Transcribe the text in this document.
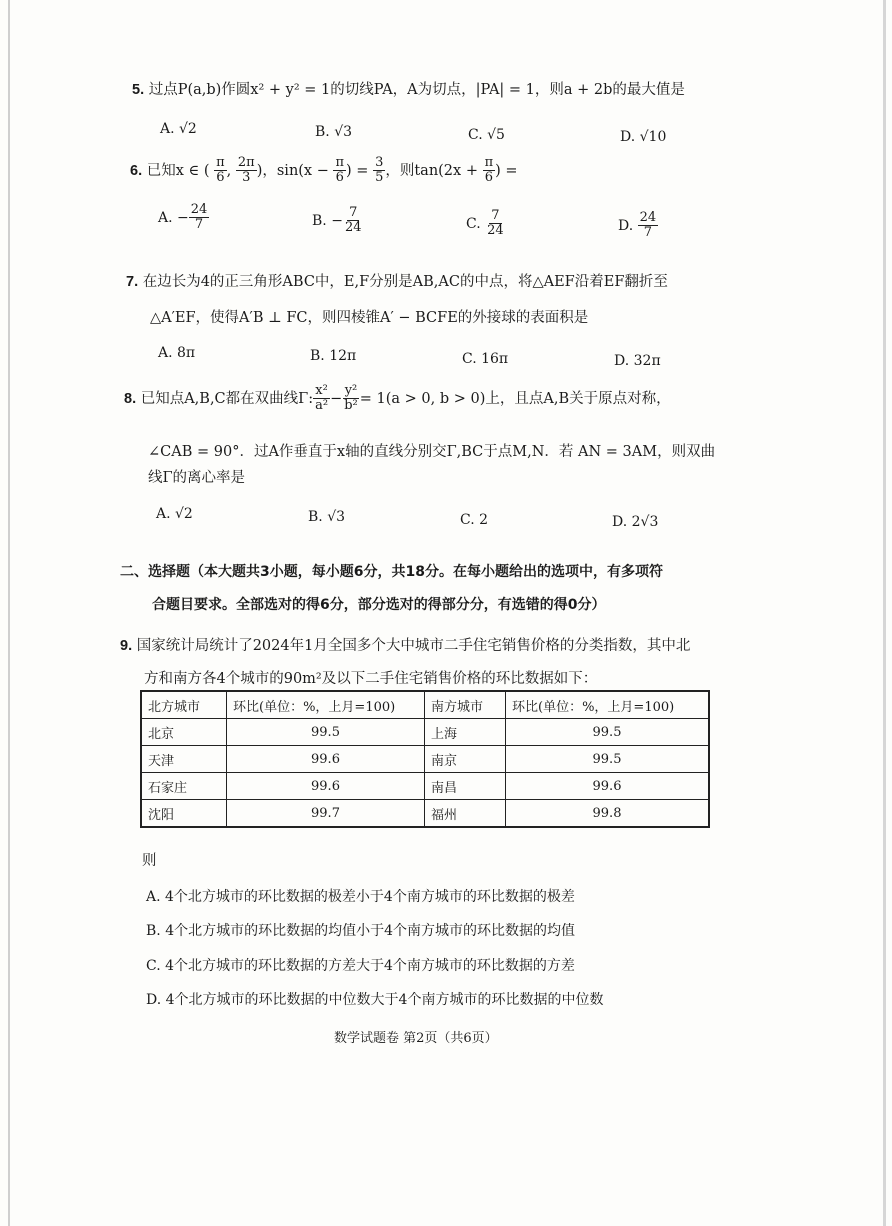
5. 过点P(a,b)作圆x² + y² = 1的切线PA，A为切点，|PA| = 1，则a + 2b的最大值是
A. √2	B. √3	C. √5	D. √10
6. 已知x ∈ ( $\frac{\pi}{6}$ , $\frac{2\pi}{3}$ )，$\sin(x - \frac{\pi}{6}$ ) = $\frac{3}{5}$ ，则$\tan(2x + \frac{\pi}{6}$ ) =
A. − $\frac{24}{7}$	B. − $\frac{7}{24}$	C. $\frac{7}{24}$	D. $\frac{24}{7}$
7. 在边长为4的正三角形ABC中，E,F分别是AB,AC的中点，将△AEF沿着EF翻折至
△A′EF，使得A′B ⊥ FC，则四棱锥A′ − BCFE的外接球的表面积是
A. 8π	B. 12π	C. 16π	D. 32π
8. 已知点A,B,C都在双曲线Γ: $\frac{\text{x²}}{\text{a²}} - \frac{\text{y²}}{\text{b²}} = 1(a > 0$, b > 0)上，且点A,B关于原点对称，
∠CAB = 90°．过A作垂直于x轴的直线分别交Γ,BC于点M,N．若 AN = 3AM，则双曲
线Γ的离心率是
A. √2	B. √3	C. 2	D. 2√3
二、选择题（本大题共3小题，每小题6分，共18分。在每小题给出的选项中，有多项符
合题目要求。全部选对的得6分，部分选对的得部分分，有选错的得0分）
9. 国家统计局统计了2024年1月全国多个大中城市二手住宅销售价格的分类指数，其中北
方和南方各4个城市的90m²及以下二手住宅销售价格的环比数据如下：
北方城市	环比(单位：%，上月=100)	南方城市	环比(单位：%，上月=100)
北京	99.5	上海	99.5
天津	99.6	南京	99.5
石家庄	99.6	南昌	99.6
沈阳	99.7	福州	99.8
则
A. 4个北方城市的环比数据的极差小于4个南方城市的环比数据的极差
B. 4个北方城市的环比数据的均值小于4个南方城市的环比数据的均值
C. 4个北方城市的环比数据的方差大于4个南方城市的环比数据的方差
D. 4个北方城市的环比数据的中位数大于4个南方城市的环比数据的中位数
数学试题卷 第2页（共6页）
